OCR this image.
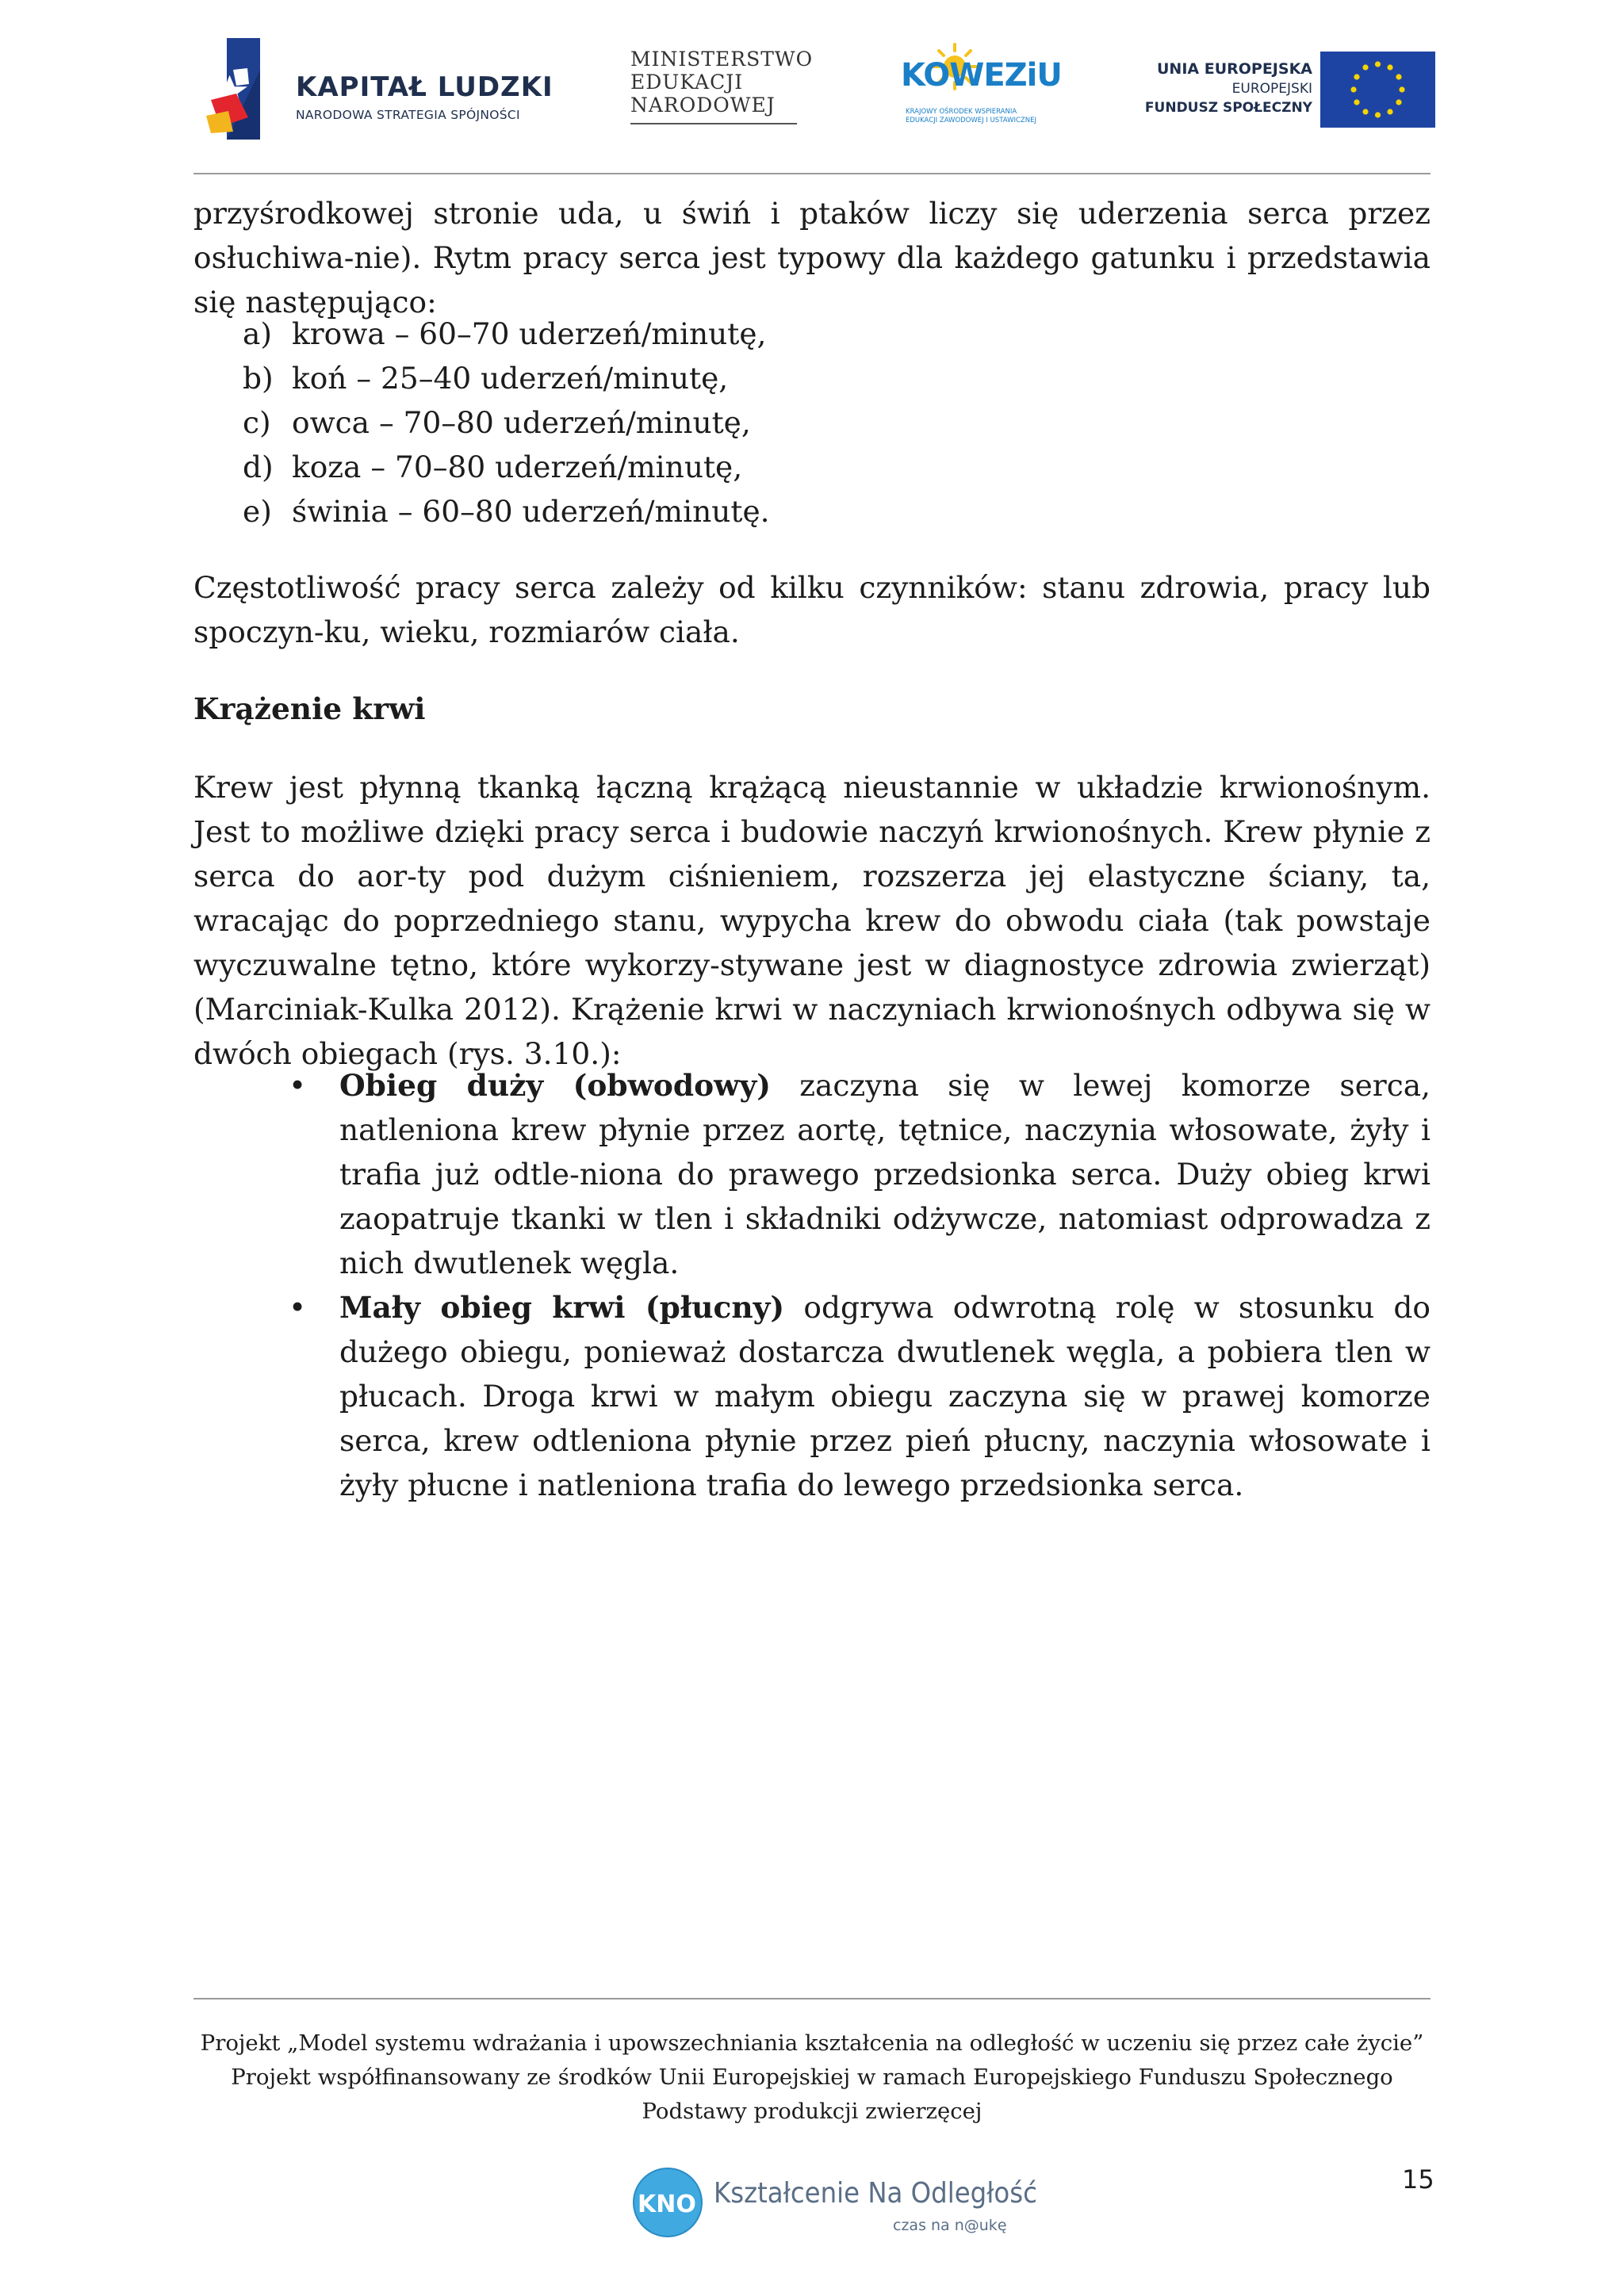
KAPITAŁ LUDZKI
NARODOWA STRATEGIA SPÓJNOŚCI
MINISTERSTWO
EDUKACJI
NARODOWEJ
KOWEZiU
KRAJOWY OŚRODEK WSPIERANIA
EDUKACJI ZAWODOWEJ I USTAWICZNEJ
UNIA EUROPEJSKA
EUROPEJSKI
FUNDUSZ SPOŁECZNY

przyśrodkowej stronie uda, u świń i ptaków liczy się uderzenia serca przez osłuchiwa-nie). Rytm pracy serca jest typowy dla każdego gatunku i przedstawia się następująco:

a) krowa – 60–70 uderzeń/minutę,
b) koń – 25–40 uderzeń/minutę,
c) owca – 70–80 uderzeń/minutę,
d) koza – 70–80 uderzeń/minutę,
e) świnia – 60–80 uderzeń/minutę.

Częstotliwość pracy serca zależy od kilku czynników: stanu zdrowia, pracy lub spoczyn-ku, wieku, rozmiarów ciała.

Krążenie krwi

Krew jest płynną tkanką łączną krążącą nieustannie w układzie krwionośnym. Jest to możliwe dzięki pracy serca i budowie naczyń krwionośnych. Krew płynie z serca do aor-ty pod dużym ciśnieniem, rozszerza jej elastyczne ściany, ta, wracając do poprzedniego stanu, wypycha krew do obwodu ciała (tak powstaje wyczuwalne tętno, które wykorzy-stywane jest w diagnostyce zdrowia zwierząt) (Marciniak-Kulka 2012). Krążenie krwi w naczyniach krwionośnych odbywa się w dwóch obiegach (rys. 3.10.):

• Obieg duży (obwodowy) zaczyna się w lewej komorze serca, natleniona krew płynie przez aortę, tętnice, naczynia włosowate, żyły i trafia już odtle-niona do prawego przedsionka serca. Duży obieg krwi zaopatruje tkanki w tlen i składniki odżywcze, natomiast odprowadza z nich dwutlenek węgla.
• Mały obieg krwi (płucny) odgrywa odwrotną rolę w stosunku do dużego obiegu, ponieważ dostarcza dwutlenek węgla, a pobiera tlen w płucach. Droga krwi w małym obiegu zaczyna się w prawej komorze serca, krew odtleniona płynie przez pień płucny, naczynia włosowate i żyły płucne i natleniona trafia do lewego przedsionka serca.
Projekt „Model systemu wdrażania i upowszechniania kształcenia na odległość w uczeniu się przez całe życie”
Projekt współfinansowany ze środków Unii Europejskiej w ramach Europejskiego Funduszu Społecznego
Podstawy produkcji zwierzęcej
KNO Kształcenie Na Odległość
czas na n@ukę
15
